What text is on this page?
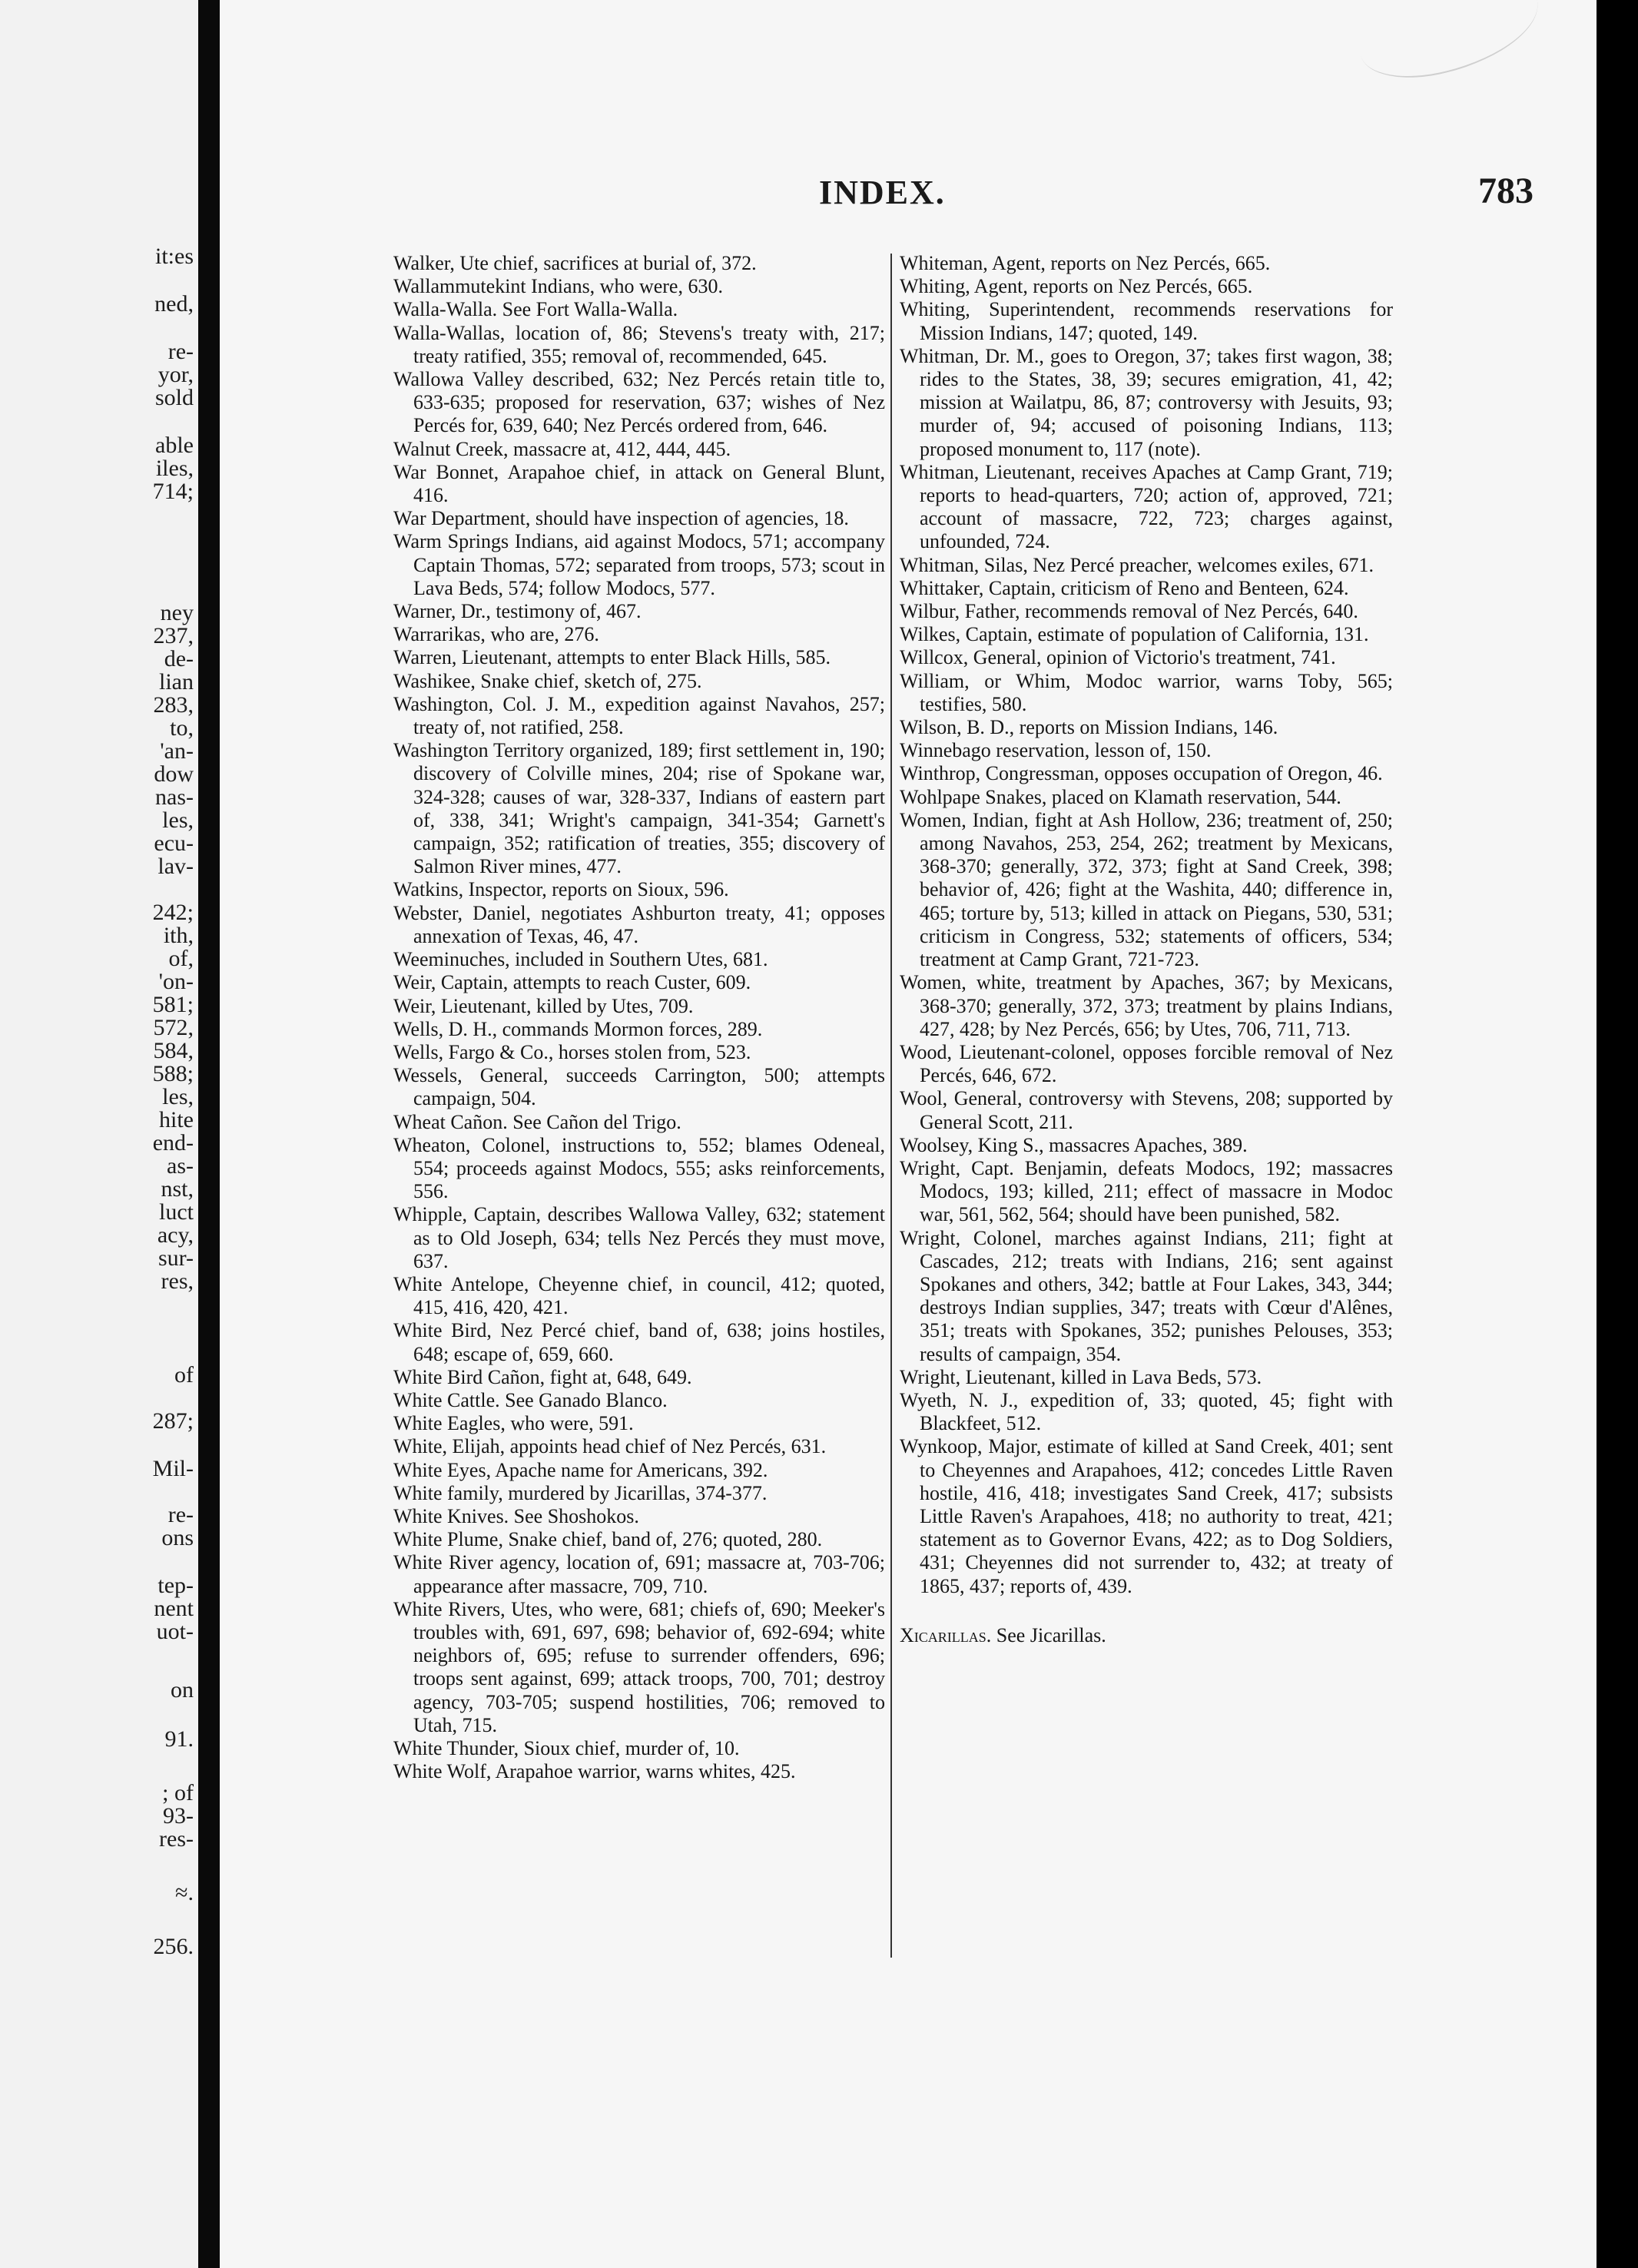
it:es
ned,
re-
yor,
sold
able
iles,
714;
ney
237,
de-
lian
283,
to,
'an-
dow
nas-
les,
ecu-
lav-
242;
ith,
of,
'on-
581;
572,
584,
588;
les,
hite
end-
as-
nst,
luct
acy,
sur-
res,
of
287;
Mil-
re-
ons
tep-
nent
uot-
on
91.
; of
93-
res-
≈.
256.
INDEX.	783

Walker, Ute chief, sacrifices at burial of, 372.

Wallammutekint Indians, who were, 630.

Walla-Walla. See Fort Walla-Walla.

Walla-Wallas, location of, 86; Stevens's treaty with, 217; treaty ratified, 355; removal of, recommended, 645.

Wallowa Valley described, 632; Nez Percés retain title to, 633-635; proposed for reservation, 637; wishes of Nez Percés for, 639, 640; Nez Percés ordered from, 646.

Walnut Creek, massacre at, 412, 444, 445.

War Bonnet, Arapahoe chief, in attack on General Blunt, 416.

War Department, should have inspection of agencies, 18.

Warm Springs Indians, aid against Modocs, 571; accompany Captain Thomas, 572; separated from troops, 573; scout in Lava Beds, 574; follow Modocs, 577.

Warner, Dr., testimony of, 467.

Warrarikas, who are, 276.

Warren, Lieutenant, attempts to enter Black Hills, 585.

Washikee, Snake chief, sketch of, 275.

Washington, Col. J. M., expedition against Navahos, 257; treaty of, not ratified, 258.

Washington Territory organized, 189; first settlement in, 190; discovery of Colville mines, 204; rise of Spokane war, 324-328; causes of war, 328-337, Indians of eastern part of, 338, 341; Wright's campaign, 341-354; Garnett's campaign, 352; ratification of treaties, 355; discovery of Salmon River mines, 477.

Watkins, Inspector, reports on Sioux, 596.

Webster, Daniel, negotiates Ashburton treaty, 41; opposes annexation of Texas, 46, 47.

Weeminuches, included in Southern Utes, 681.

Weir, Captain, attempts to reach Custer, 609.

Weir, Lieutenant, killed by Utes, 709.

Wells, D. H., commands Mormon forces, 289.

Wells, Fargo & Co., horses stolen from, 523.

Wessels, General, succeeds Carrington, 500; attempts campaign, 504.

Wheat Cañon. See Cañon del Trigo.

Wheaton, Colonel, instructions to, 552; blames Odeneal, 554; proceeds against Modocs, 555; asks reinforcements, 556.

Whipple, Captain, describes Wallowa Valley, 632; statement as to Old Joseph, 634; tells Nez Percés they must move, 637.

White Antelope, Cheyenne chief, in council, 412; quoted, 415, 416, 420, 421.

White Bird, Nez Percé chief, band of, 638; joins hostiles, 648; escape of, 659, 660.

White Bird Cañon, fight at, 648, 649.

White Cattle. See Ganado Blanco.

White Eagles, who were, 591.

White, Elijah, appoints head chief of Nez Percés, 631.

White Eyes, Apache name for Americans, 392.

White family, murdered by Jicarillas, 374-377.

White Knives. See Shoshokos.

White Plume, Snake chief, band of, 276; quoted, 280.

White River agency, location of, 691; massacre at, 703-706; appearance after massacre, 709, 710.

White Rivers, Utes, who were, 681; chiefs of, 690; Meeker's troubles with, 691, 697, 698; behavior of, 692-694; white neighbors of, 695; refuse to surrender offenders, 696; troops sent against, 699; attack troops, 700, 701; destroy agency, 703-705; suspend hostilities, 706; removed to Utah, 715.

White Thunder, Sioux chief, murder of, 10.

White Wolf, Arapahoe warrior, warns whites, 425.

Whiteman, Agent, reports on Nez Percés, 665.

Whiting, Agent, reports on Nez Percés, 665.

Whiting, Superintendent, recommends reservations for Mission Indians, 147; quoted, 149.

Whitman, Dr. M., goes to Oregon, 37; takes first wagon, 38; rides to the States, 38, 39; secures emigration, 41, 42; mission at Wailatpu, 86, 87; controversy with Jesuits, 93; murder of, 94; accused of poisoning Indians, 113; proposed monument to, 117 (note).

Whitman, Lieutenant, receives Apaches at Camp Grant, 719; reports to head-quarters, 720; action of, approved, 721; account of massacre, 722, 723; charges against, unfounded, 724.

Whitman, Silas, Nez Percé preacher, welcomes exiles, 671.

Whittaker, Captain, criticism of Reno and Benteen, 624.

Wilbur, Father, recommends removal of Nez Percés, 640.

Wilkes, Captain, estimate of population of California, 131.

Willcox, General, opinion of Victorio's treatment, 741.

William, or Whim, Modoc warrior, warns Toby, 565; testifies, 580.

Wilson, B. D., reports on Mission Indians, 146.

Winnebago reservation, lesson of, 150.

Winthrop, Congressman, opposes occupation of Oregon, 46.

Wohlpape Snakes, placed on Klamath reservation, 544.

Women, Indian, fight at Ash Hollow, 236; treatment of, 250; among Navahos, 253, 254, 262; treatment by Mexicans, 368-370; generally, 372, 373; fight at Sand Creek, 398; behavior of, 426; fight at the Washita, 440; difference in, 465; torture by, 513; killed in attack on Piegans, 530, 531; criticism in Congress, 532; statements of officers, 534; treatment at Camp Grant, 721-723.

Women, white, treatment by Apaches, 367; by Mexicans, 368-370; generally, 372, 373; treatment by plains Indians, 427, 428; by Nez Percés, 656; by Utes, 706, 711, 713.

Wood, Lieutenant-colonel, opposes forcible removal of Nez Percés, 646, 672.

Wool, General, controversy with Stevens, 208; supported by General Scott, 211.

Woolsey, King S., massacres Apaches, 389.

Wright, Capt. Benjamin, defeats Modocs, 192; massacres Modocs, 193; killed, 211; effect of massacre in Modoc war, 561, 562, 564; should have been punished, 582.

Wright, Colonel, marches against Indians, 211; fight at Cascades, 212; treats with Indians, 216; sent against Spokanes and others, 342; battle at Four Lakes, 343, 344; destroys Indian supplies, 347; treats with Cœur d'Alênes, 351; treats with Spokanes, 352; punishes Pelouses, 353; results of campaign, 354.

Wright, Lieutenant, killed in Lava Beds, 573.

Wyeth, N. J., expedition of, 33; quoted, 45; fight with Blackfeet, 512.

Wynkoop, Major, estimate of killed at Sand Creek, 401; sent to Cheyennes and Arapahoes, 412; concedes Little Raven hostile, 416, 418; investigates Sand Creek, 417; subsists Little Raven's Arapahoes, 418; no authority to treat, 421; statement as to Governor Evans, 422; as to Dog Soldiers, 431; Cheyennes did not surrender to, 432; at treaty of 1865, 437; reports of, 439.

Xicarillas. See Jicarillas.
